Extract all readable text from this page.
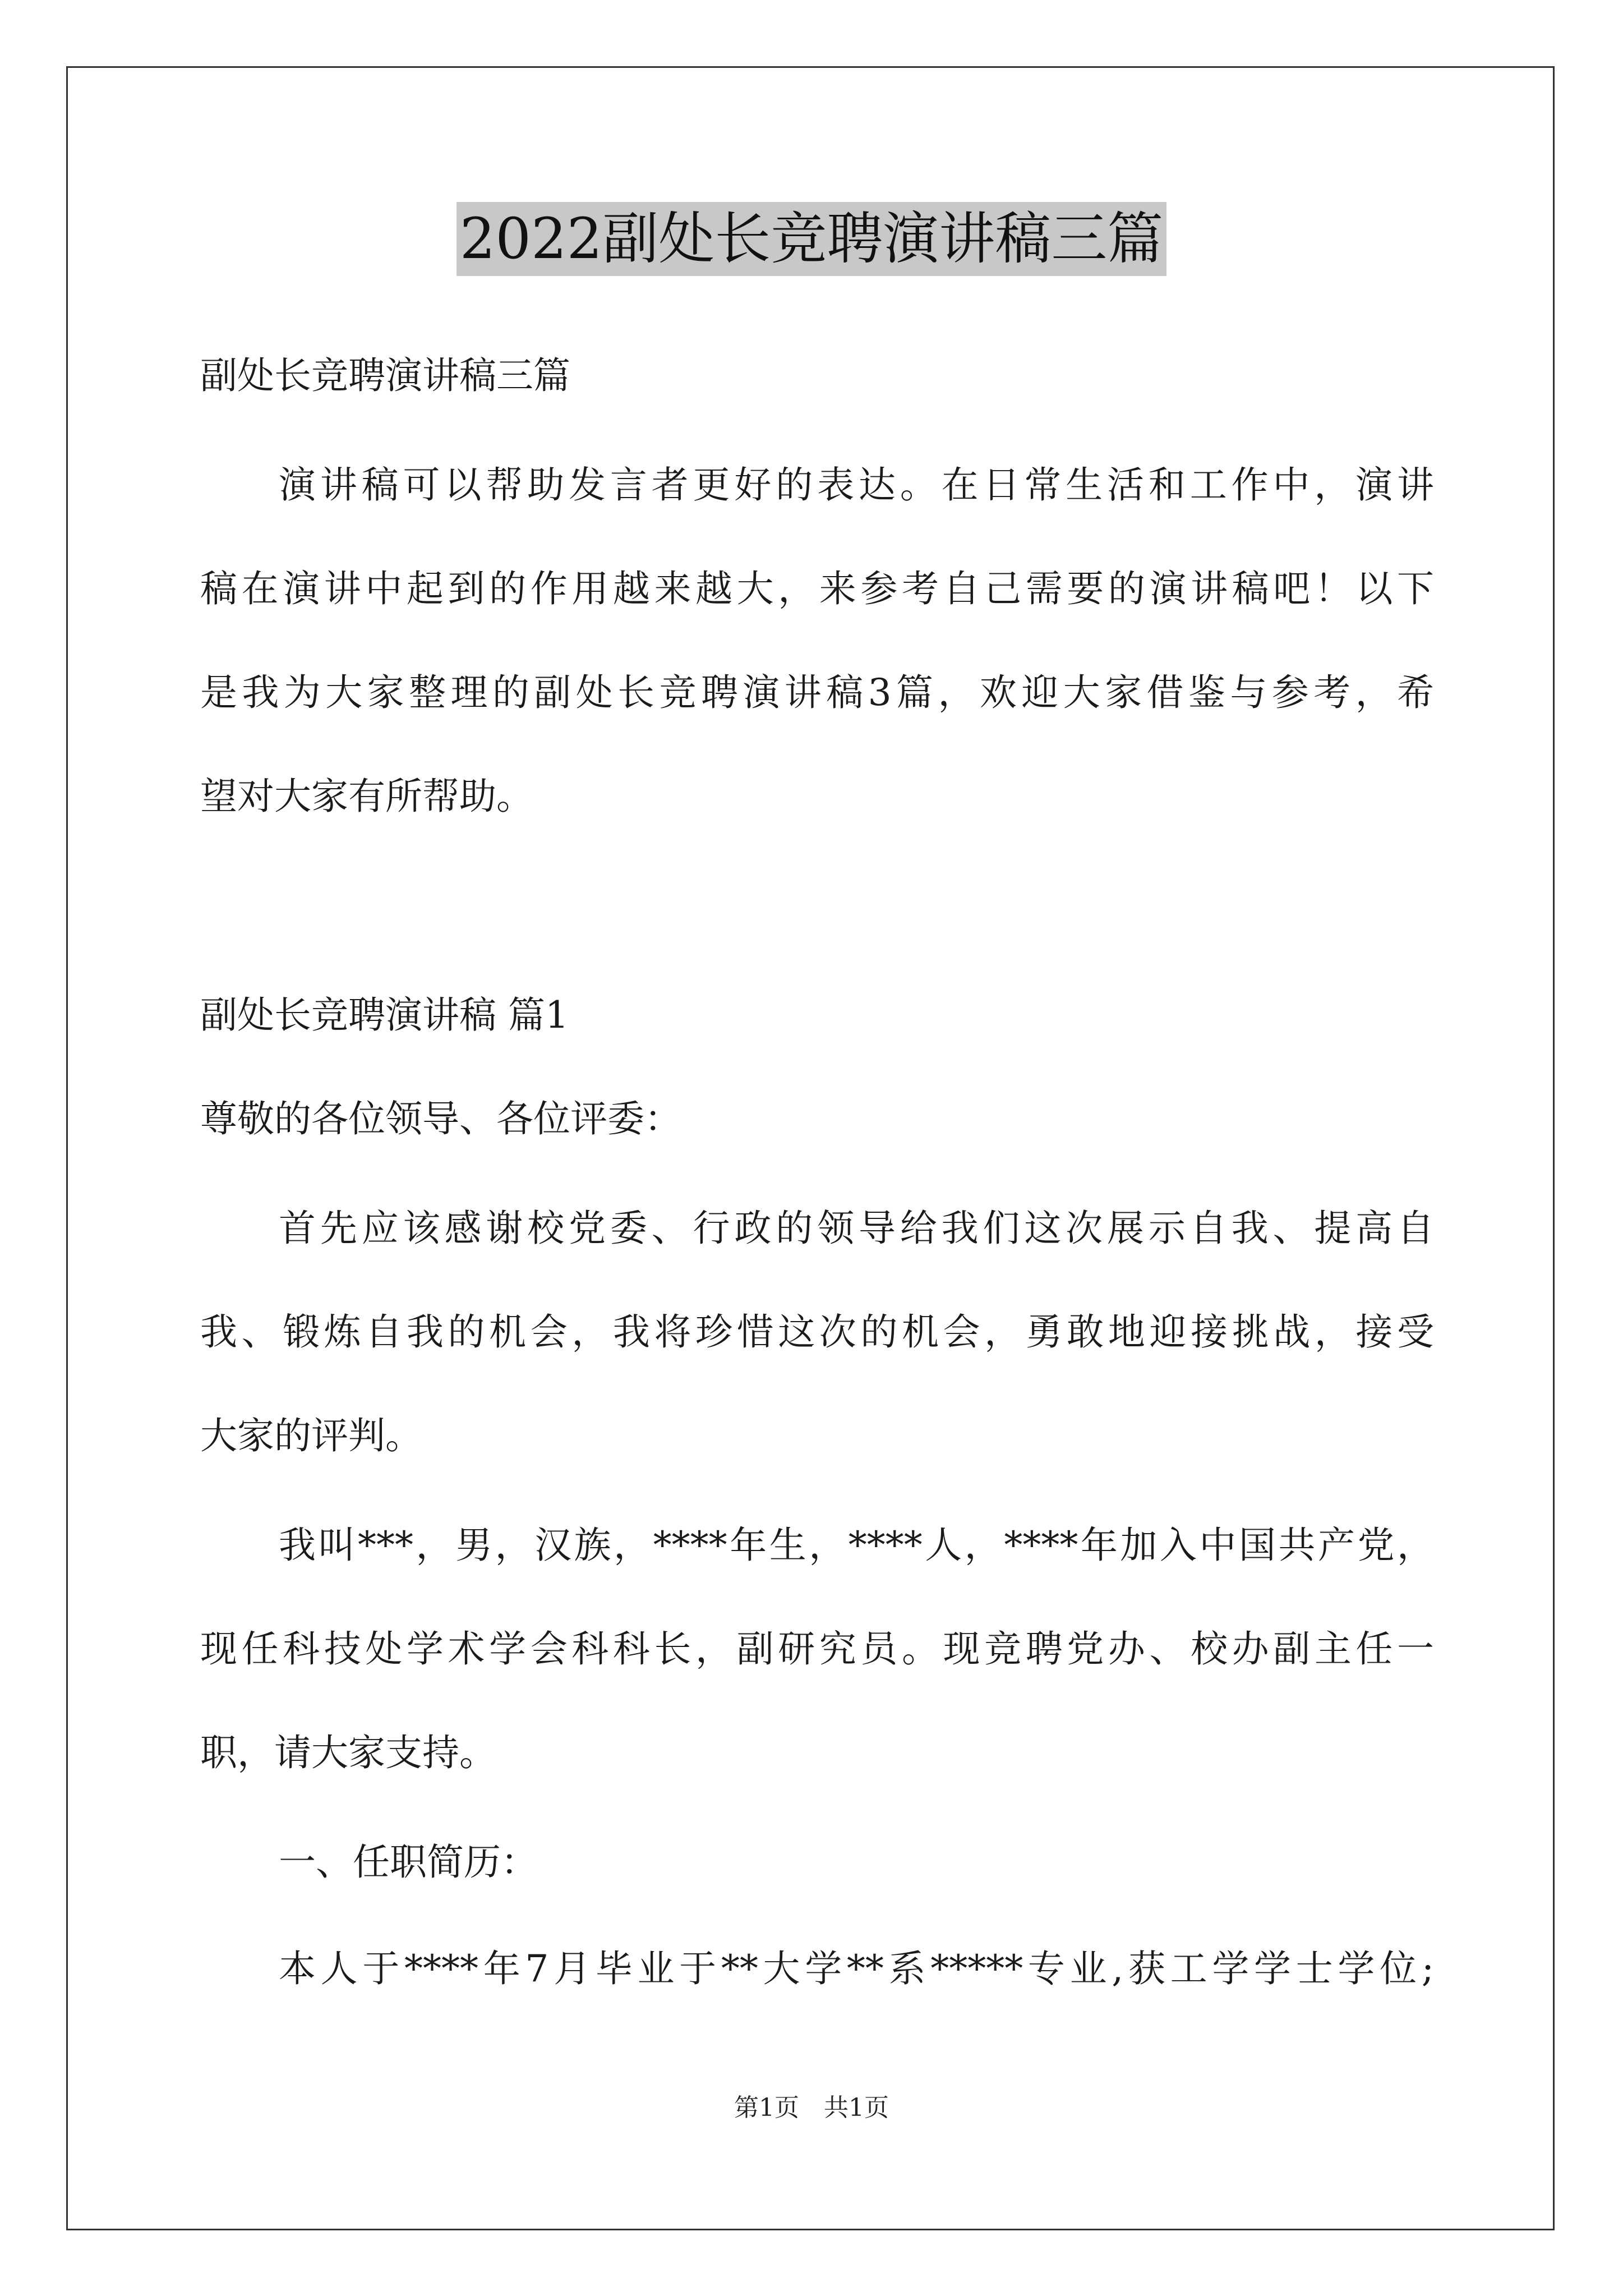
2022副处长竞聘演讲稿三篇
副处长竞聘演讲稿三篇
演讲稿可以帮助发言者更好的表达。在日常生活和工作中，演讲
稿在演讲中起到的作用越来越大，来参考自己需要的演讲稿吧！以下
是我为大家整理的副处长竞聘演讲稿3篇，欢迎大家借鉴与参考，希
望对大家有所帮助。
副处长竞聘演讲稿 篇1
尊敬的各位领导、各位评委：
首先应该感谢校党委、行政的领导给我们这次展示自我、提高自
我、锻炼自我的机会，我将珍惜这次的机会，勇敢地迎接挑战，接受
大家的评判。
我叫***，男，汉族，****年生，****人，****年加入中国共产党，
现任科技处学术学会科科长，副研究员。现竞聘党办、校办副主任一
职，请大家支持。
一、任职简历：
本人于****年7月毕业于**大学**系*****专业,获工学学士学位;
第1页　共1页
